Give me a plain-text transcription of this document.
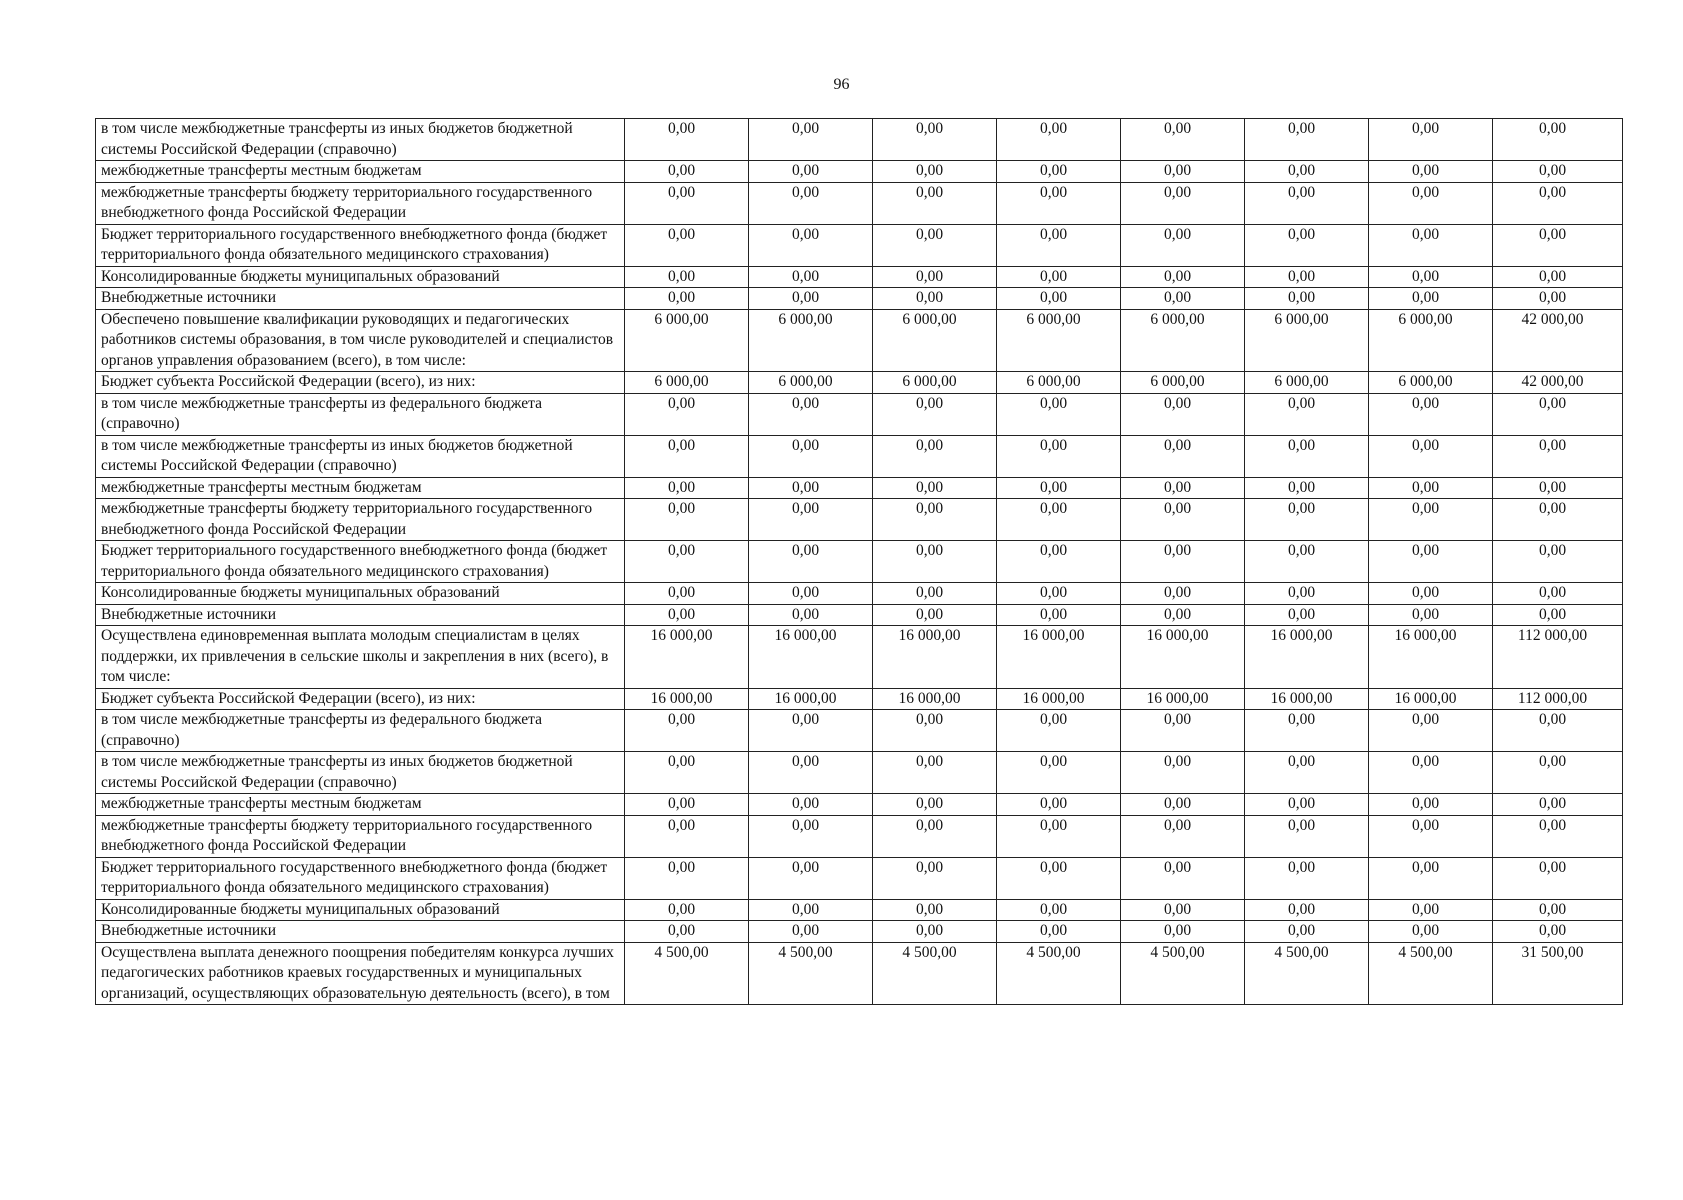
96
в том числе межбюджетные трансферты из иных бюджетов бюджетной системы Российской Федерации (справочно)	0,00	0,00	0,00	0,00	0,00	0,00	0,00	0,00
межбюджетные трансферты местным бюджетам	0,00	0,00	0,00	0,00	0,00	0,00	0,00	0,00
межбюджетные трансферты бюджету территориального государственного внебюджетного фонда Российской Федерации	0,00	0,00	0,00	0,00	0,00	0,00	0,00	0,00
Бюджет территориального государственного внебюджетного фонда (бюджет территориального фонда обязательного медицинского страхования)	0,00	0,00	0,00	0,00	0,00	0,00	0,00	0,00
Консолидированные бюджеты муниципальных образований	0,00	0,00	0,00	0,00	0,00	0,00	0,00	0,00
Внебюджетные источники	0,00	0,00	0,00	0,00	0,00	0,00	0,00	0,00
Обеспечено повышение квалификации руководящих и педагогических работников системы образования, в том числе руководителей и специалистов органов управления образованием (всего), в том числе:	6 000,00	6 000,00	6 000,00	6 000,00	6 000,00	6 000,00	6 000,00	42 000,00
Бюджет субъекта Российской Федерации (всего), из них:	6 000,00	6 000,00	6 000,00	6 000,00	6 000,00	6 000,00	6 000,00	42 000,00
в том числе межбюджетные трансферты из федерального бюджета (справочно)	0,00	0,00	0,00	0,00	0,00	0,00	0,00	0,00
в том числе межбюджетные трансферты из иных бюджетов бюджетной системы Российской Федерации (справочно)	0,00	0,00	0,00	0,00	0,00	0,00	0,00	0,00
межбюджетные трансферты местным бюджетам	0,00	0,00	0,00	0,00	0,00	0,00	0,00	0,00
межбюджетные трансферты бюджету территориального государственного внебюджетного фонда Российской Федерации	0,00	0,00	0,00	0,00	0,00	0,00	0,00	0,00
Бюджет территориального государственного внебюджетного фонда (бюджет территориального фонда обязательного медицинского страхования)	0,00	0,00	0,00	0,00	0,00	0,00	0,00	0,00
Консолидированные бюджеты муниципальных образований	0,00	0,00	0,00	0,00	0,00	0,00	0,00	0,00
Внебюджетные источники	0,00	0,00	0,00	0,00	0,00	0,00	0,00	0,00
Осуществлена единовременная выплата молодым специалистам в целях поддержки, их привлечения в сельские школы и закрепления в них (всего), в том числе:	16 000,00	16 000,00	16 000,00	16 000,00	16 000,00	16 000,00	16 000,00	112 000,00
Бюджет субъекта Российской Федерации (всего), из них:	16 000,00	16 000,00	16 000,00	16 000,00	16 000,00	16 000,00	16 000,00	112 000,00
в том числе межбюджетные трансферты из федерального бюджета (справочно)	0,00	0,00	0,00	0,00	0,00	0,00	0,00	0,00
в том числе межбюджетные трансферты из иных бюджетов бюджетной системы Российской Федерации (справочно)	0,00	0,00	0,00	0,00	0,00	0,00	0,00	0,00
межбюджетные трансферты местным бюджетам	0,00	0,00	0,00	0,00	0,00	0,00	0,00	0,00
межбюджетные трансферты бюджету территориального государственного внебюджетного фонда Российской Федерации	0,00	0,00	0,00	0,00	0,00	0,00	0,00	0,00
Бюджет территориального государственного внебюджетного фонда (бюджет территориального фонда обязательного медицинского страхования)	0,00	0,00	0,00	0,00	0,00	0,00	0,00	0,00
Консолидированные бюджеты муниципальных образований	0,00	0,00	0,00	0,00	0,00	0,00	0,00	0,00
Внебюджетные источники	0,00	0,00	0,00	0,00	0,00	0,00	0,00	0,00
Осуществлена выплата денежного поощрения победителям конкурса лучших педагогических работников краевых государственных и муниципальных организаций, осуществляющих образовательную деятельность (всего), в том	4 500,00	4 500,00	4 500,00	4 500,00	4 500,00	4 500,00	4 500,00	31 500,00
